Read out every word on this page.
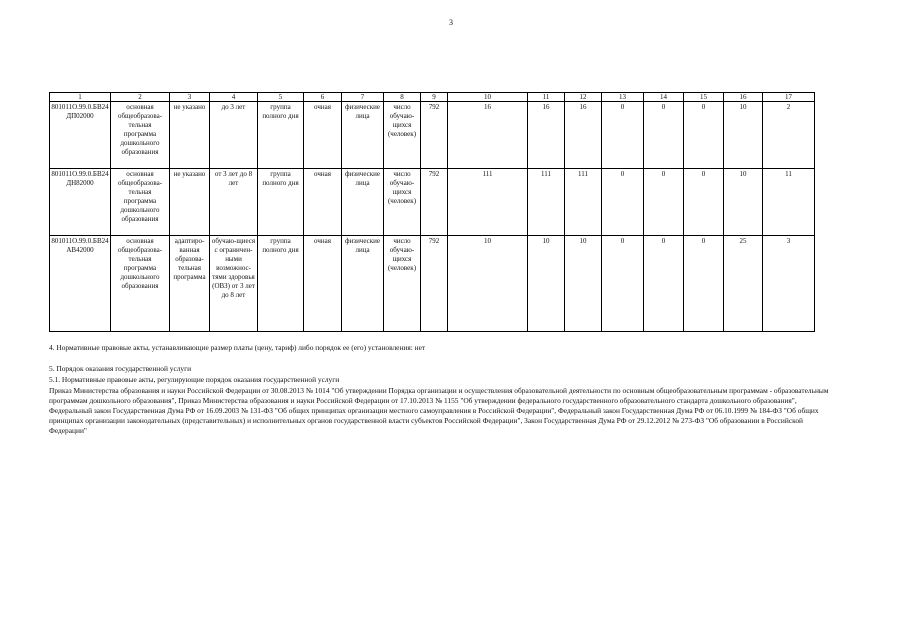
3
1	2	3	4	5	6	7	8	9	10	11	12	13	14	15	16	17
801011О.99.0.БВ24ДП02000	основная общеобразова-тельная программа дошкольного образования	не указано	до 3 лет	группа полного дня	очная	физические лица	число обучаю-щихся (человек)	792	16	16	16	0	0	0	10	2
801011О.99.0.БВ24ДН82000	основная общеобразова-тельная программа дошкольного образования	не указано	от 3 лет до 8 лет	группа полного дня	очная	физические лица	число обучаю-щихся (человек)	792	111	111	111	0	0	0	10	11
801011О.99.0.БВ24АВ42000	основная общеобразова-тельная программа дошкольного образования	адаптиро-ванная образова-тельная программа	обучаю-щиеся с ограничен-ными возможнос-тями здоровья (ОВЗ) от 3 лет до 8 лет	группа полного дня	очная	физические лица	число обучаю-щихся (человек)	792	10	10	10	0	0	0	25	3
4. Нормативные правовые акты, устанавливающие размер платы (цену, тариф) либо порядок ее (его) установления: нет
5. Порядок оказания государственной услуги
5.1. Нормативные правовые акты, регулирующие порядок оказания государственной услуги
Приказ Министерства образования и науки Российской Федерации от 30.08.2013 № 1014 "Об утверждении Порядка организации и осуществления образовательной деятельности по основным общеобразовательным программам - образовательным программам дошкольного образования", Приказ Министерства образования и науки Российской Федерации от 17.10.2013 № 1155 "Об утверждении федерального государственного образовательного стандарта дошкольного образования", Федеральный закон Государственная Дума РФ от 16.09.2003 № 131-ФЗ "Об общих принципах организации местного самоуправления в Российской Федерации", Федеральный закон Государственная Дума РФ от 06.10.1999 № 184-ФЗ "Об общих принципах организации законодательных (представительных) и исполнительных органов государственной власти субъектов Российской Федерации", Закон Государственная Дума РФ от 29.12.2012 № 273-ФЗ "Об образовании в Российской Федерации"
